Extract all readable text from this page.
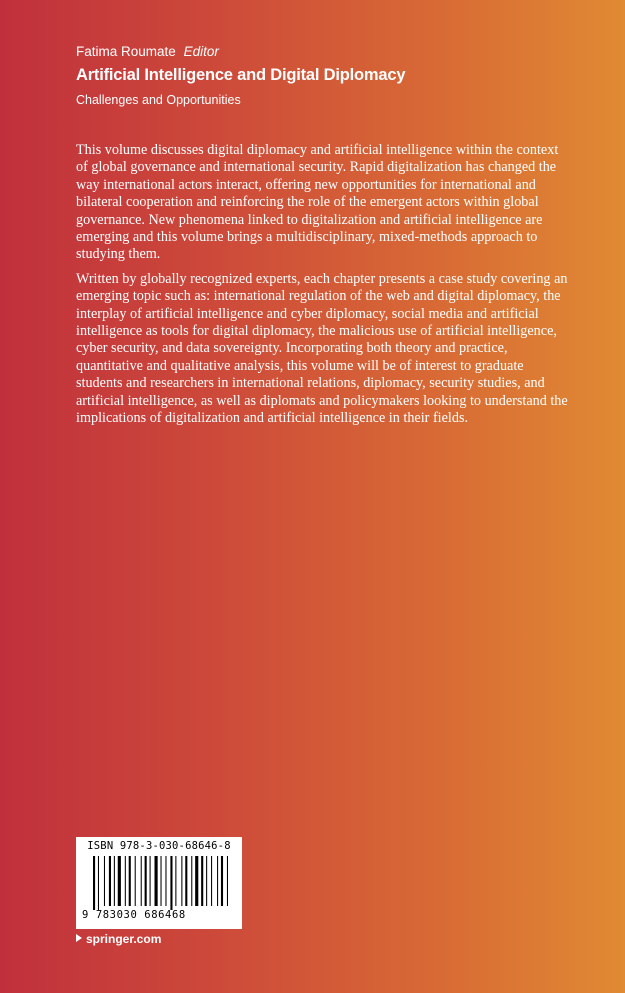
Fatima Roumate Editor
Artificial Intelligence and Digital Diplomacy
Challenges and Opportunities

This volume discusses digital diplomacy and artificial intelligence within the context of global governance and international security. Rapid digitalization has changed the way international actors interact, offering new opportunities for international and bilateral cooperation and reinforcing the role of the emergent actors within global governance. New phenomena linked to digitalization and artificial intelligence are emerging and this volume brings a multidisciplinary, mixed-methods approach to studying them.

Written by globally recognized experts, each chapter presents a case study covering an emerging topic such as: international regulation of the web and digital diplomacy, the interplay of artificial intelligence and cyber diplomacy, social media and artificial intelligence as tools for digital diplomacy, the malicious use of artificial intelligence, cyber security, and data sovereignty. Incorporating both theory and practice, quantitative and qualitative analysis, this volume will be of interest to graduate students and researchers in international relations, diplomacy, security studies, and artificial intelligence, as well as diplomats and policymakers looking to understand the implications of digitalization and artificial intelligence in their fields.

ISBN 978-3-030-68646-8
9 783030 686468
springer.com
